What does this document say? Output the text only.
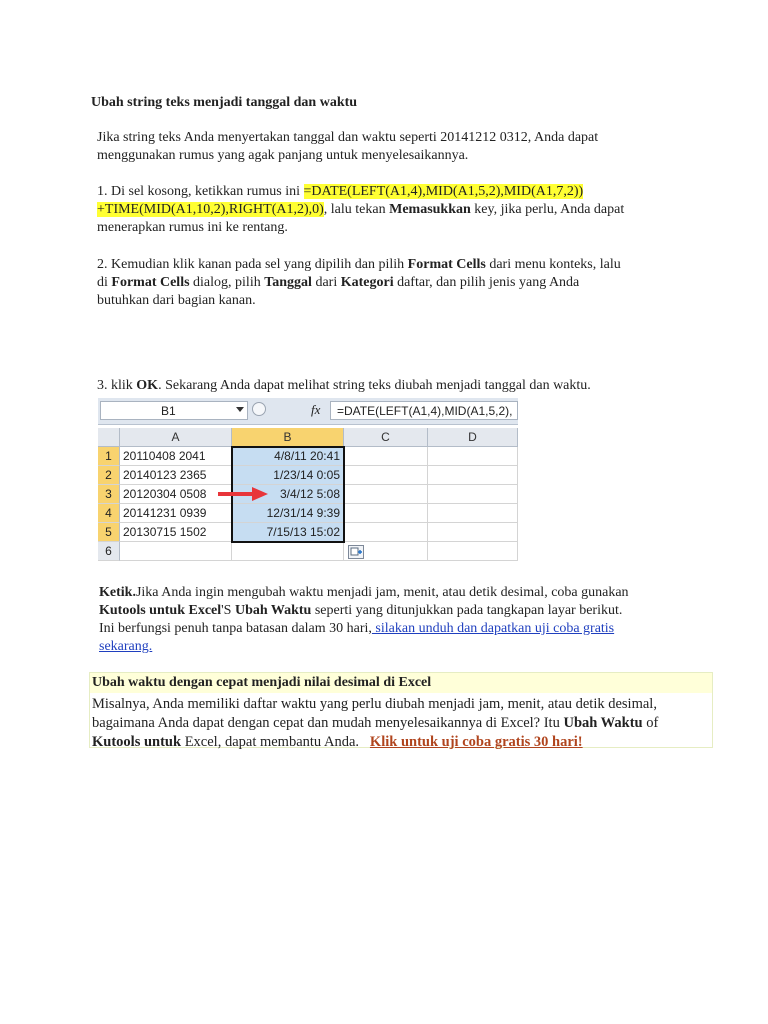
Ubah string teks menjadi tanggal dan waktu
Jika string teks Anda menyertakan tanggal dan waktu seperti 20141212 0312, Anda dapat
menggunakan rumus yang agak panjang untuk menyelesaikannya.
1. Di sel kosong, ketikkan rumus ini =DATE(LEFT(A1,4),MID(A1,5,2),MID(A1,7,2))
+TIME(MID(A1,10,2),RIGHT(A1,2),0), lalu tekan Memasukkan key, jika perlu, Anda dapat
menerapkan rumus ini ke rentang.
2. Kemudian klik kanan pada sel yang dipilih dan pilih Format Cells dari menu konteks, lalu
di Format Cells dialog, pilih Tanggal dari Kategori daftar, dan pilih jenis yang Anda
butuhkan dari bagian kanan.
3. klik OK. Sekarang Anda dapat melihat string teks diubah menjadi tanggal dan waktu.
B1	fx =DATE(LEFT(A1,4),MID(A1,5,2),
A	B	C	D
1 20110408 2041	4/8/11 20:41
2 20140123 2365	1/23/14 0:05
3 20120304 0508	3/4/12 5:08
4 20141231 0939	12/31/14 9:39
5 20130715 1502	7/15/13 15:02
6
Ketik.Jika Anda ingin mengubah waktu menjadi jam, menit, atau detik desimal, coba gunakan
Kutools untuk Excel'S Ubah Waktu seperti yang ditunjukkan pada tangkapan layar berikut.
Ini berfungsi penuh tanpa batasan dalam 30 hari, silakan unduh dan dapatkan uji coba gratis
sekarang.
Ubah waktu dengan cepat menjadi nilai desimal di Excel
Misalnya, Anda memiliki daftar waktu yang perlu diubah menjadi jam, menit, atau detik desimal,
bagaimana Anda dapat dengan cepat dan mudah menyelesaikannya di Excel? Itu Ubah Waktu of
Kutools untuk Excel, dapat membantu Anda.   Klik untuk uji coba gratis 30 hari!
